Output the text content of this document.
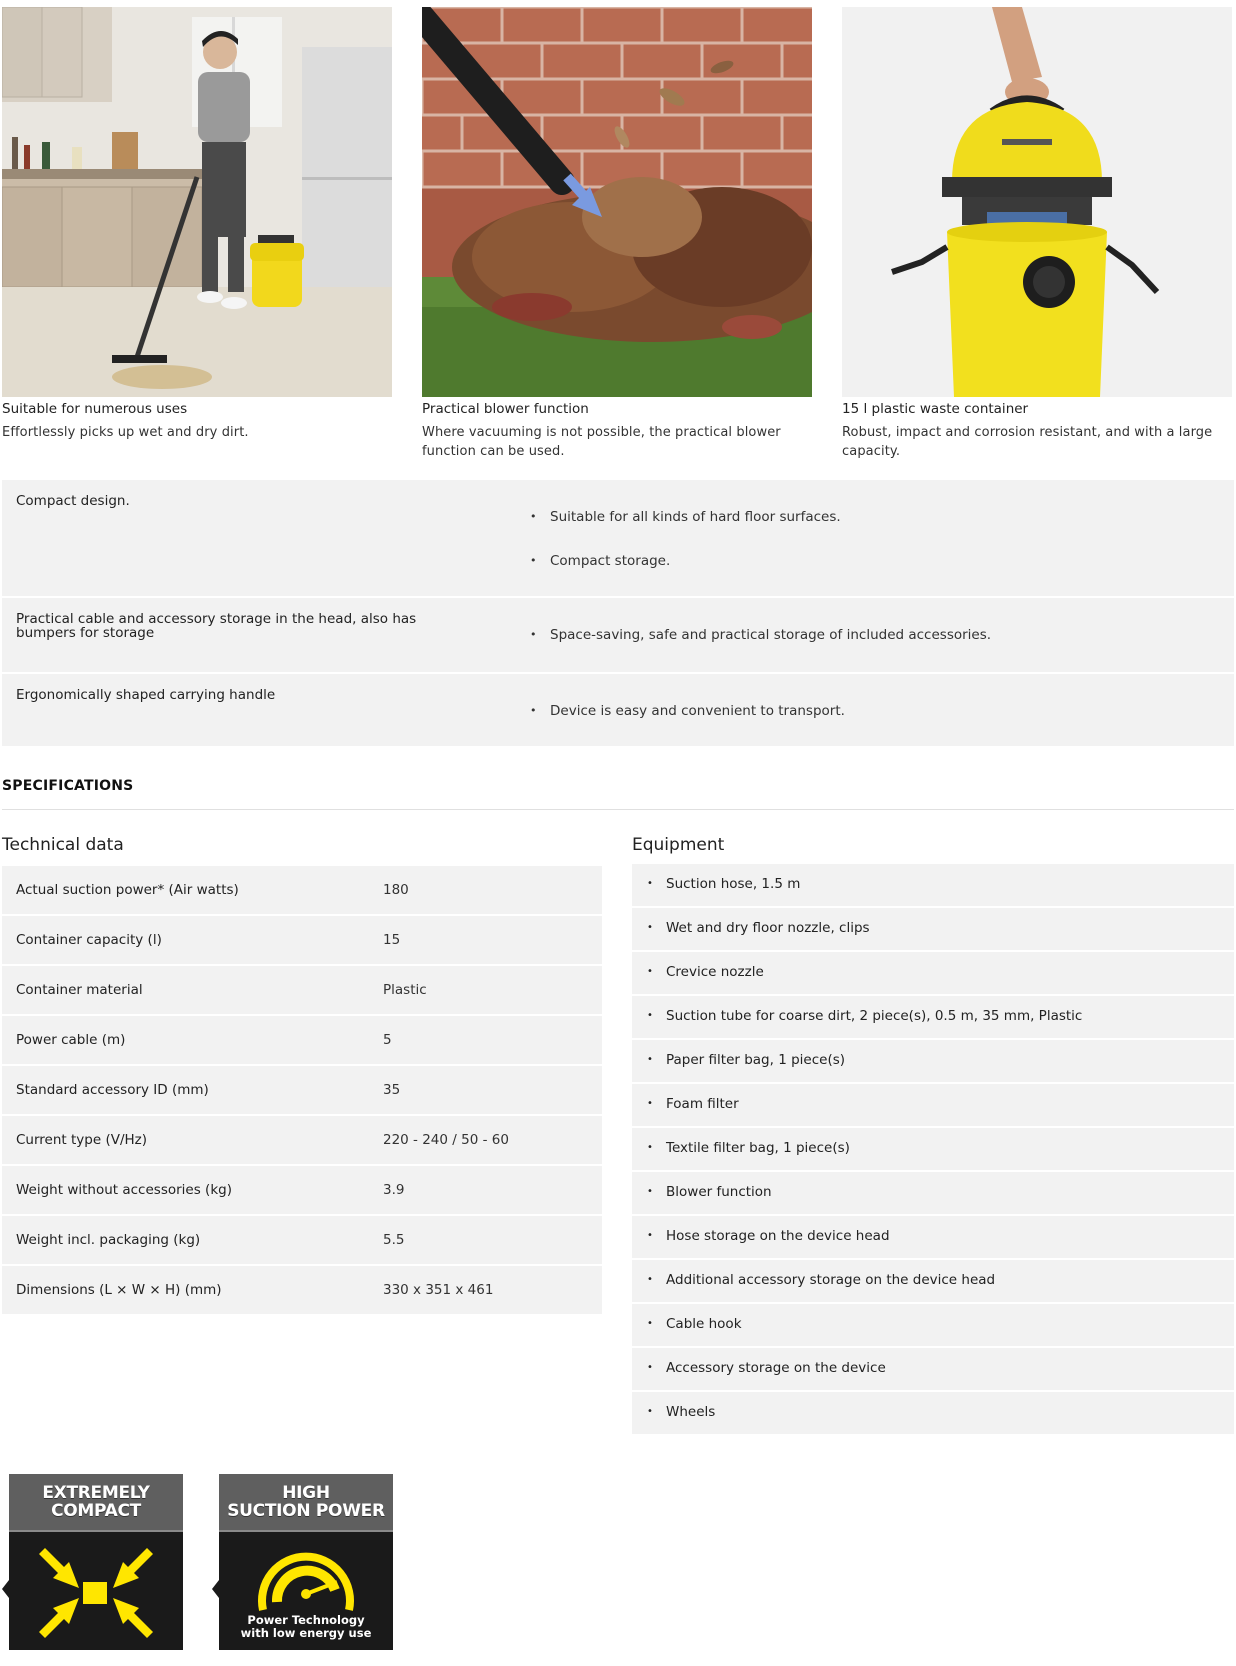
Suitable for numerous uses
Effortlessly picks up wet and dry dirt.
Practical blower function
Where vacuuming is not possible, the practical blower function can be used.
15 l plastic waste container
Robust, impact and corrosion resistant, and with a large capacity.
Compact design.
• Suitable for all kinds of hard floor surfaces.
• Compact storage.
Practical cable and accessory storage in the head, also has bumpers for storage	• Space-saving, safe and practical storage of included accessories.
Ergonomically shaped carrying handle
• Device is easy and convenient to transport.
SPECIFICATIONS
Technical data
Actual suction power* (Air watts)	180
Container capacity (l)	15
Container material	Plastic
Power cable (m)	5
Standard accessory ID (mm)	35
Current type (V/Hz)	220 - 240 / 50 - 60
Weight without accessories (kg)	3.9
Weight incl. packaging (kg)	5.5
Dimensions (L × W × H) (mm)	330 x 351 x 461
Equipment
• Suction hose, 1.5 m
• Wet and dry floor nozzle, clips
• Crevice nozzle
• Suction tube for coarse dirt, 2 piece(s), 0.5 m, 35 mm, Plastic
• Paper filter bag, 1 piece(s)
• Foam filter
• Textile filter bag, 1 piece(s)
• Blower function
• Hose storage on the device head
• Additional accessory storage on the device head
• Cable hook
• Accessory storage on the device
• Wheels
EXTREMELY
COMPACT
HIGH
SUCTION POWER
Power Technology
with low energy use
